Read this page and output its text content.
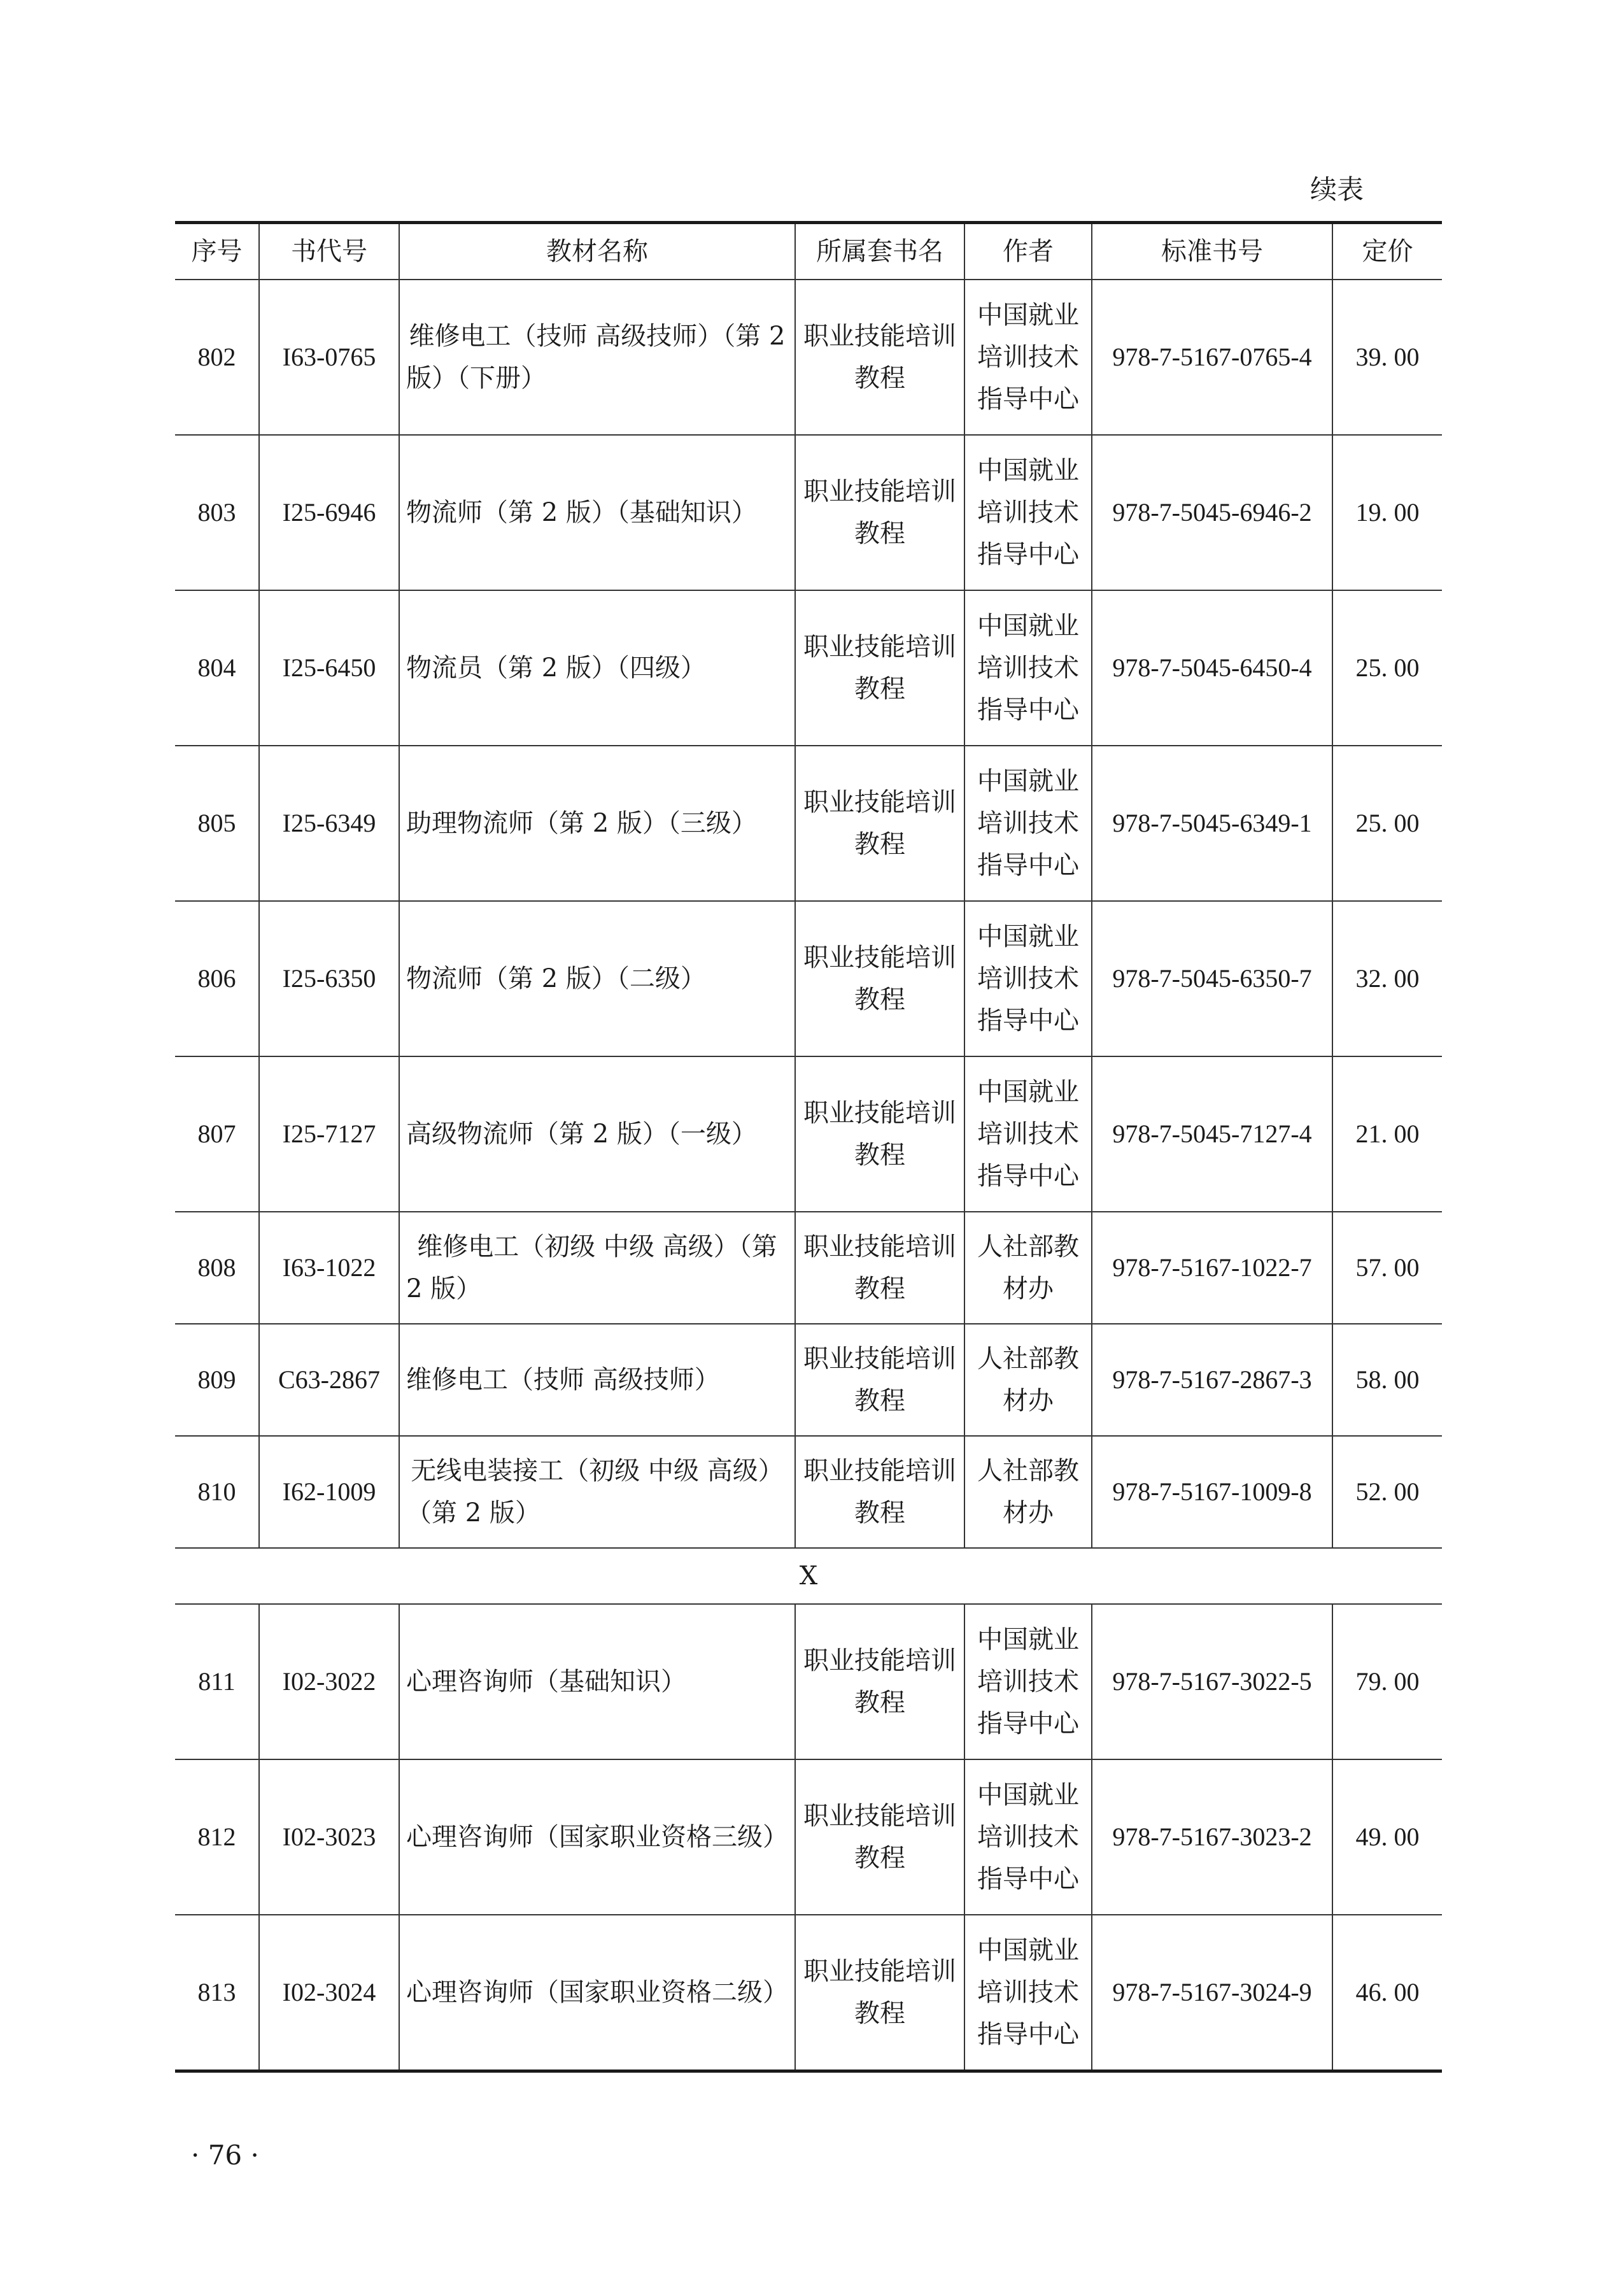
续表
序号	书代号	教材名称	所属套书名	作者	标准书号	定价
802	I63-0765	维修电工（技师 高级技师）（第 2 版）（下册）	职业技能培训教程	中国就业培训技术指导中心	978-7-5167-0765-4	39. 00
803	I25-6946	物流师（第 2 版）（基础知识）	职业技能培训教程	中国就业培训技术指导中心	978-7-5045-6946-2	19. 00
804	I25-6450	物流员（第 2 版）（四级）	职业技能培训教程	中国就业培训技术指导中心	978-7-5045-6450-4	25. 00
805	I25-6349	助理物流师（第 2 版）（三级）	职业技能培训教程	中国就业培训技术指导中心	978-7-5045-6349-1	25. 00
806	I25-6350	物流师（第 2 版）（二级）	职业技能培训教程	中国就业培训技术指导中心	978-7-5045-6350-7	32. 00
807	I25-7127	高级物流师（第 2 版）（一级）	职业技能培训教程	中国就业培训技术指导中心	978-7-5045-7127-4	21. 00
808	I63-1022	维修电工（初级 中级 高级）（第 2 版）	职业技能培训教程	人社部教材办	978-7-5167-1022-7	57. 00
809	C63-2867	维修电工（技师 高级技师）	职业技能培训教程	人社部教材办	978-7-5167-2867-3	58. 00
810	I62-1009	无线电装接工（初级 中级 高级）（第 2 版）	职业技能培训教程	人社部教材办	978-7-5167-1009-8	52. 00
X						
811	I02-3022	心理咨询师（基础知识）	职业技能培训教程	中国就业培训技术指导中心	978-7-5167-3022-5	79. 00
812	I02-3023	心理咨询师（国家职业资格三级）	职业技能培训教程	中国就业培训技术指导中心	978-7-5167-3023-2	49. 00
813	I02-3024	心理咨询师（国家职业资格二级）	职业技能培训教程	中国就业培训技术指导中心	978-7-5167-3024-9	46. 00
· 76 ·
